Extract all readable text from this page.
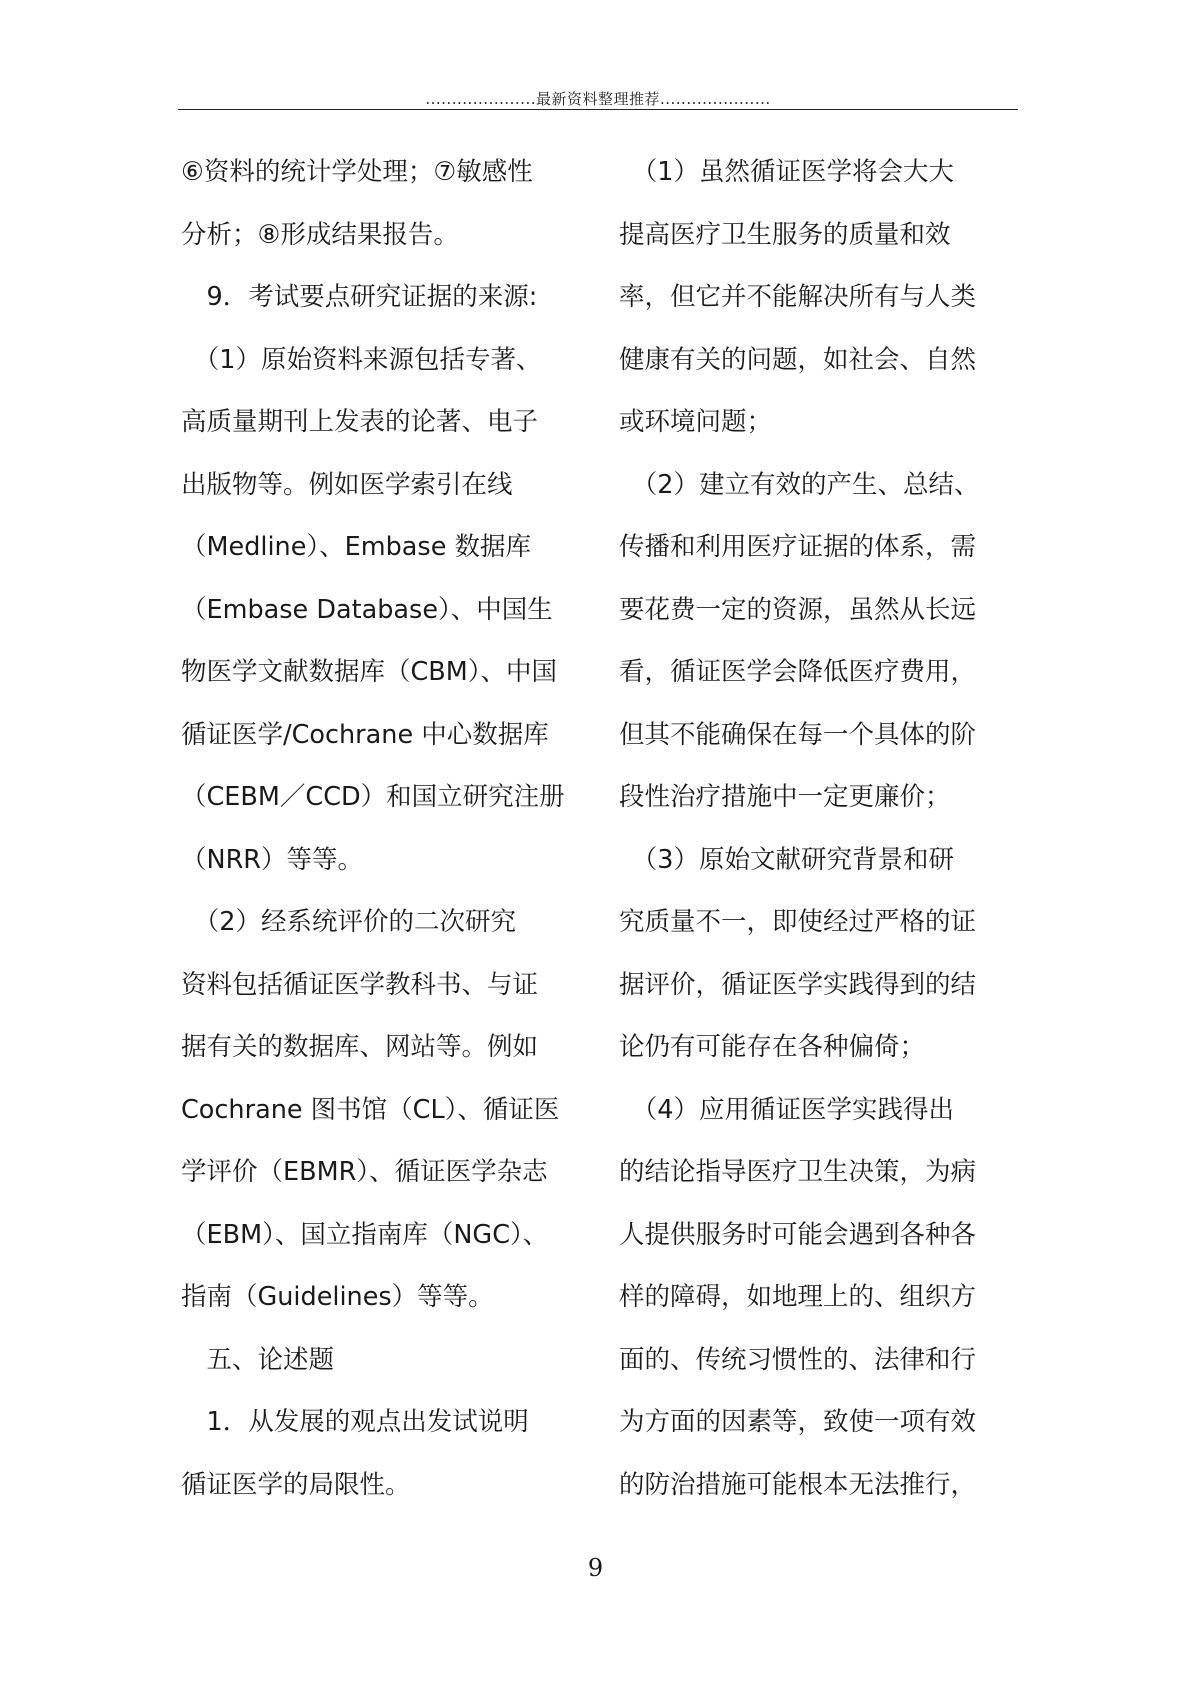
.....................最新资料整理推荐.....................
⑥资料的统计学处理；⑦敏感性
分析；⑧形成结果报告。
　9．考试要点研究证据的来源:
　（1）原始资料来源包括专著、
高质量期刊上发表的论著、电子
出版物等。例如医学索引在线
（Medline）、Embase 数据库
（Embase Database）、中国生
物医学文献数据库（CBM）、中国
循证医学/Cochrane 中心数据库
（CEBM／CCD）和国立研究注册
（NRR）等等。
　（2）经系统评价的二次研究
资料包括循证医学教科书、与证
据有关的数据库、网站等。例如
Cochrane 图书馆（CL）、循证医
学评价（EBMR）、循证医学杂志
（EBM）、国立指南库（NGC）、
指南（Guidelines）等等。
　五、论述题
　1．从发展的观点出发试说明
循证医学的局限性。
　（1）虽然循证医学将会大大
提高医疗卫生服务的质量和效
率，但它并不能解决所有与人类
健康有关的问题，如社会、自然
或环境问题；
　（2）建立有效的产生、总结、
传播和利用医疗证据的体系，需
要花费一定的资源，虽然从长远
看，循证医学会降低医疗费用，
但其不能确保在每一个具体的阶
段性治疗措施中一定更廉价；
　（3）原始文献研究背景和研
究质量不一，即使经过严格的证
据评价，循证医学实践得到的结
论仍有可能存在各种偏倚；
　（4）应用循证医学实践得出
的结论指导医疗卫生决策，为病
人提供服务时可能会遇到各种各
样的障碍，如地理上的、组织方
面的、传统习惯性的、法律和行
为方面的因素等，致使一项有效
的防治措施可能根本无法推行，
9
